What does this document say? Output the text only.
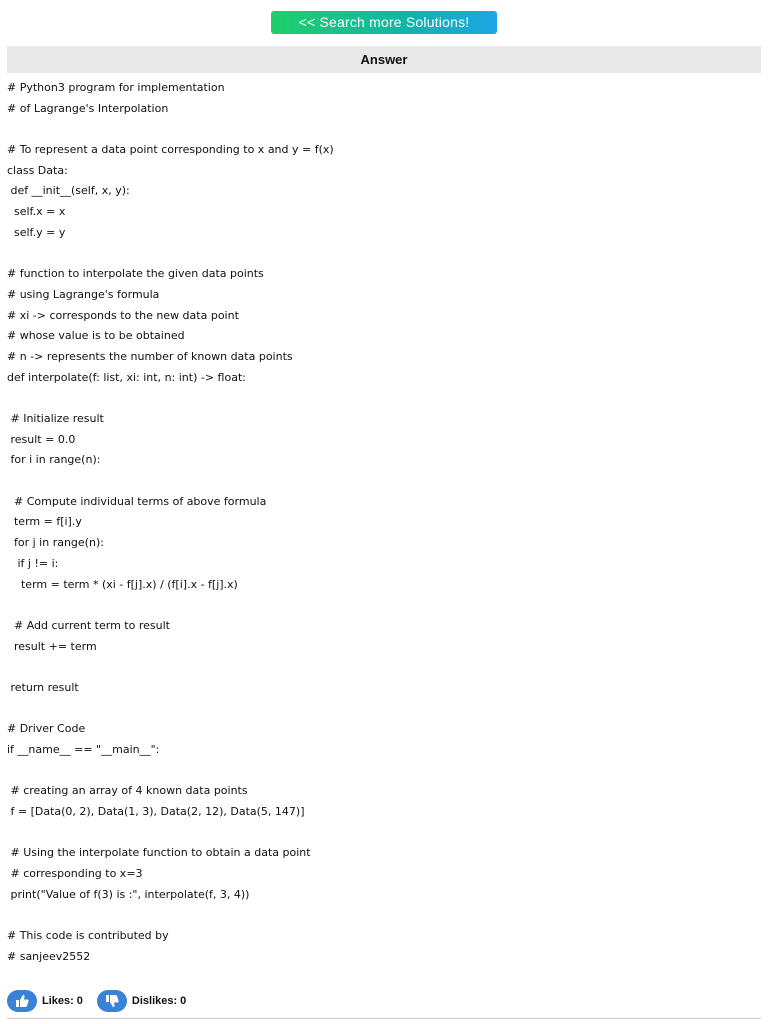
<< Search more Solutions!
Answer
# Python3 program for implementation
# of Lagrange's Interpolation
# To represent a data point corresponding to x and y = f(x)
class Data:
def __init__(self, x, y):
self.x = x
self.y = y
# function to interpolate the given data points
# using Lagrange's formula
# xi -> corresponds to the new data point
# whose value is to be obtained
# n -> represents the number of known data points
def interpolate(f: list, xi: int, n: int) -> float:
# Initialize result
result = 0.0
for i in range(n):
# Compute individual terms of above formula
term = f[i].y
for j in range(n):
if j != i:
term = term * (xi - f[j].x) / (f[i].x - f[j].x)
# Add current term to result
result += term
return result
# Driver Code
if __name__ == "__main__":
# creating an array of 4 known data points
f = [Data(0, 2), Data(1, 3), Data(2, 12), Data(5, 147)]
# Using the interpolate function to obtain a data point
# corresponding to x=3
print("Value of f(3) is :", interpolate(f, 3, 4))
# This code is contributed by
# sanjeev2552
Likes: 0	Dislikes: 0
